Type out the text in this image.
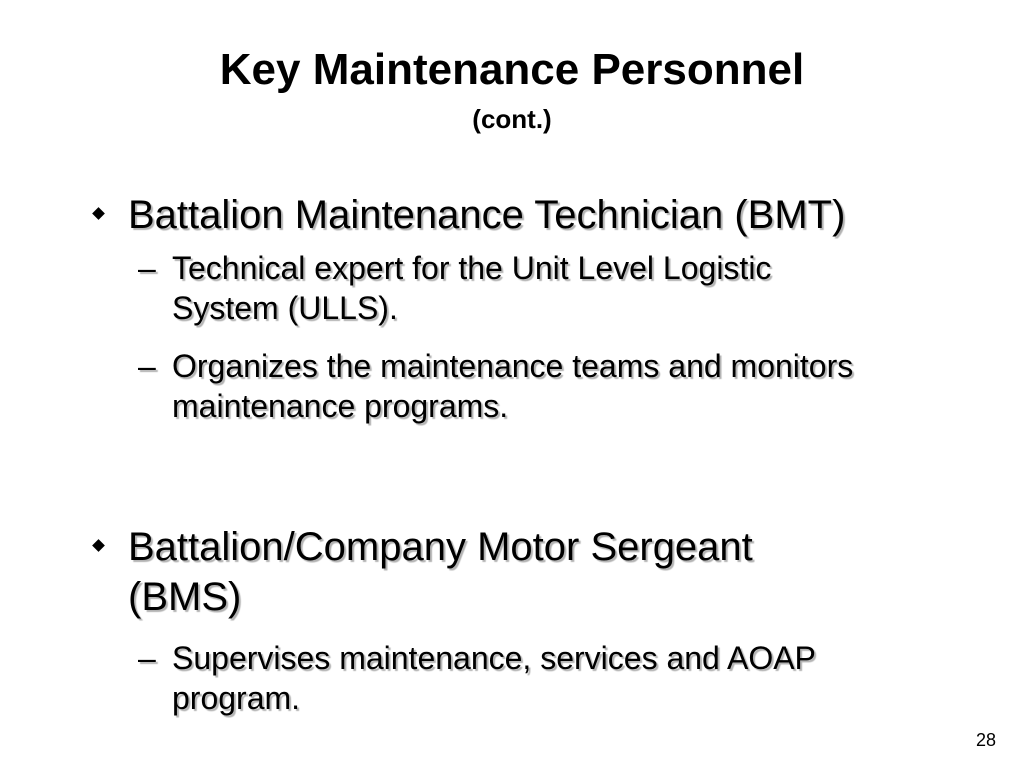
Key Maintenance Personnel
(cont.)
Battalion Maintenance Technician (BMT)
– Technical expert for the Unit Level Logistic System (ULLS).
– Organizes the maintenance teams and monitors maintenance programs.
Battalion/Company Motor Sergeant (BMS)
– Supervises maintenance, services and AOAP program.
28
